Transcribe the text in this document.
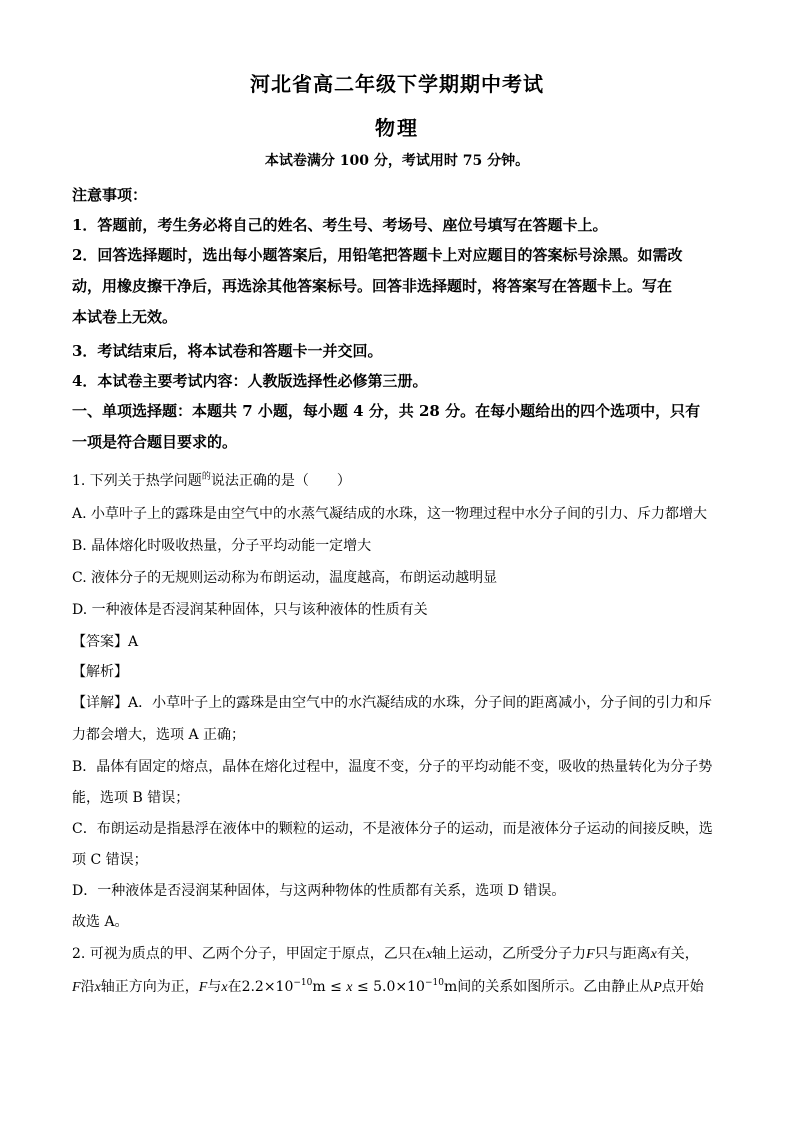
河北省高二年级下学期期中考试
物理
本试卷满分 100 分，考试用时 75 分钟。
注意事项：
1．答题前，考生务必将自己的姓名、考生号、考场号、座位号填写在答题卡上。
2．回答选择题时，选出每小题答案后，用铅笔把答题卡上对应题目的答案标号涂黑。如需改
动，用橡皮擦干净后，再选涂其他答案标号。回答非选择题时，将答案写在答题卡上。写在
本试卷上无效。
3．考试结束后，将本试卷和答题卡一并交回。
4．本试卷主要考试内容：人教版选择性必修第三册。
一、单项选择题：本题共 7 小题，每小题 4 分，共 28 分。在每小题给出的四个选项中，只有
一项是符合题目要求的。
1. 下列关于热学问题$^的$说法正确的是（　　）
A. 小草叶子上的露珠是由空气中的水蒸气凝结成的水珠，这一物理过程中水分子间的引力、斥力都增大
B. 晶体熔化时吸收热量，分子平均动能一定增大
C. 液体分子的无规则运动称为布朗运动，温度越高，布朗运动越明显
D. 一种液体是否浸润某种固体，只与该种液体的性质有关
【答案】A
【解析】
【详解】A．小草叶子上的露珠是由空气中的水汽凝结成的水珠，分子间的距离减小，分子间的引力和斥
力都会增大，选项 A 正确；
B．晶体有固定的熔点，晶体在熔化过程中，温度不变，分子的平均动能不变，吸收的热量转化为分子势
能，选项 B 错误；
C．布朗运动是指悬浮在液体中的颗粒的运动，不是液体分子的运动，而是液体分子运动的间接反映，选
项 C 错误；
D．一种液体是否浸润某种固体，与这两种物体的性质都有关系，选项 D 错误。
故选 A。
2. 可视为质点的甲、乙两个分子，甲固定于原点，乙只在x轴上运动，乙所受分子力F只与距离x有关，
F沿x轴正方向为正，F与x在$2.2\times 10^{-10}m \le x \le 5.0\times 10^{-10}m$间的关系如图所示。乙由静止从P点开始
